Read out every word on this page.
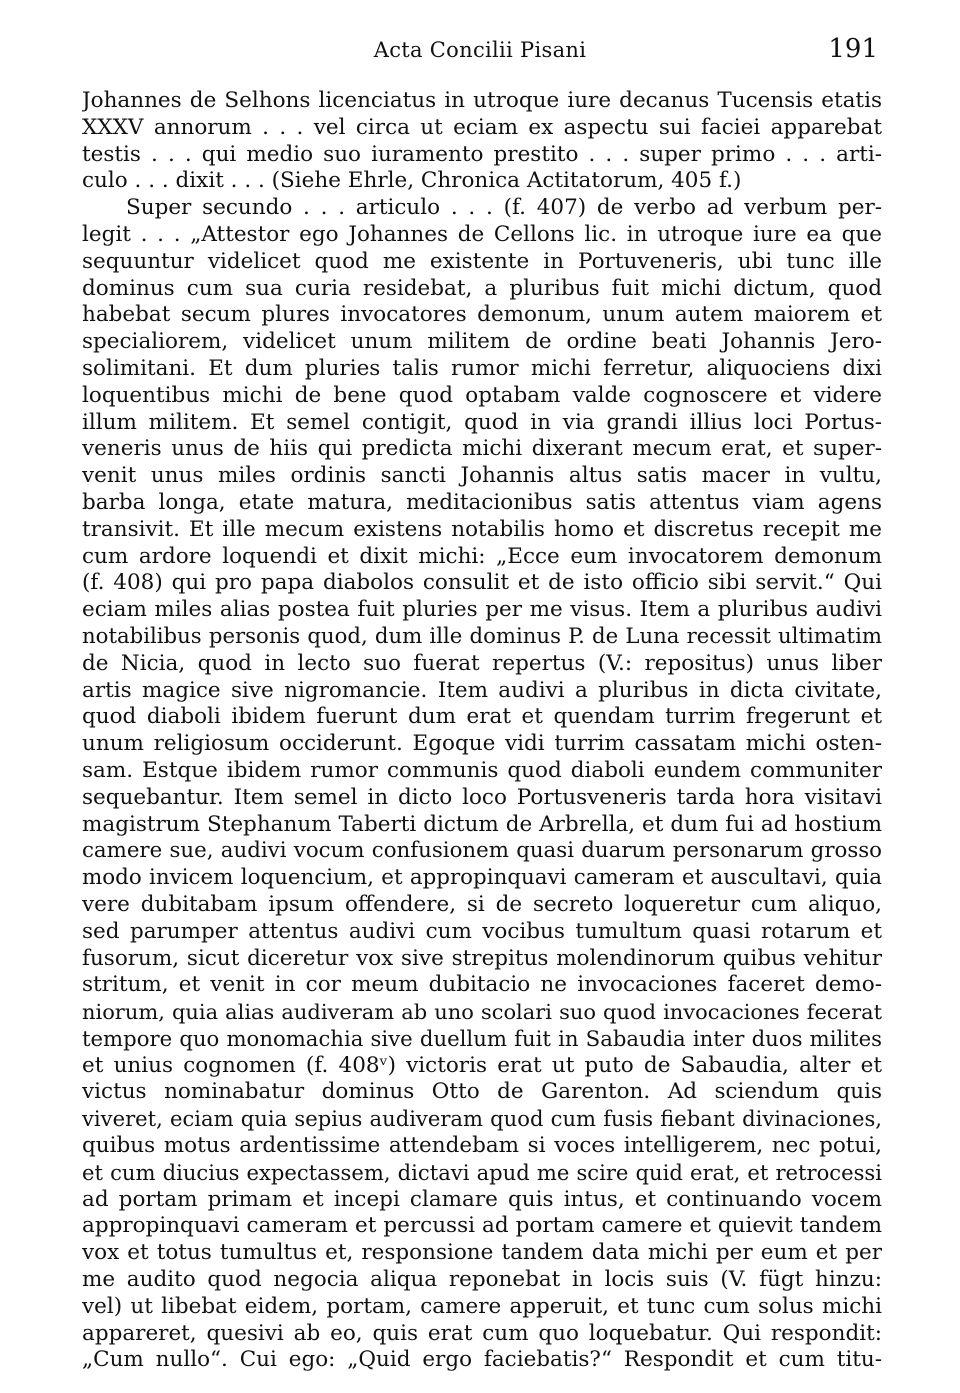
Acta Concilii Pisani	191
Johannes de Selhons licenciatus in utroque iure decanus Tucensis etatis
XXXV annorum . . . vel circa ut eciam ex aspectu sui faciei apparebat
testis . . . qui medio suo iuramento prestito . . . super primo . . . arti-
culo . . . dixit . . . (Siehe Ehrle, Chronica Actitatorum, 405 f.)
Super secundo . . . articulo . . . (f. 407) de verbo ad verbum per-
legit . . . „Attestor ego Johannes de Cellons lic. in utroque iure ea que
sequuntur videlicet quod me existente in Portuveneris, ubi tunc ille
dominus cum sua curia residebat, a pluribus fuit michi dictum, quod
habebat secum plures invocatores demonum, unum autem maiorem et
specialiorem, videlicet unum militem de ordine beati Johannis Jero-
solimitani. Et dum pluries talis rumor michi ferretur, aliquociens dixi
loquentibus michi de bene quod optabam valde cognoscere et videre
illum militem. Et semel contigit, quod in via grandi illius loci Portus-
veneris unus de hiis qui predicta michi dixerant mecum erat, et super-
venit unus miles ordinis sancti Johannis altus satis macer in vultu,
barba longa, etate matura, meditacionibus satis attentus viam agens
transivit. Et ille mecum existens notabilis homo et discretus recepit me
cum ardore loquendi et dixit michi: „Ecce eum invocatorem demonum
(f. 408) qui pro papa diabolos consulit et de isto officio sibi servit.“ Qui
eciam miles alias postea fuit pluries per me visus. Item a pluribus audivi
notabilibus personis quod, dum ille dominus P. de Luna recessit ultimatim
de Nicia, quod in lecto suo fuerat repertus (V.: repositus) unus liber
artis magice sive nigromancie. Item audivi a pluribus in dicta civitate,
quod diaboli ibidem fuerunt dum erat et quendam turrim fregerunt et
unum religiosum occiderunt. Egoque vidi turrim cassatam michi osten-
sam. Estque ibidem rumor communis quod diaboli eundem communiter
sequebantur. Item semel in dicto loco Portusveneris tarda hora visitavi
magistrum Stephanum Taberti dictum de Arbrella, et dum fui ad hostium
camere sue, audivi vocum confusionem quasi duarum personarum grosso
modo invicem loquencium, et appropinquavi cameram et auscultavi, quia
vere dubitabam ipsum offendere, si de secreto loqueretur cum aliquo,
sed parumper attentus audivi cum vocibus tumultum quasi rotarum et
fusorum, sicut diceretur vox sive strepitus molendinorum quibus vehitur
stritum, et venit in cor meum dubitacio ne invocaciones faceret demo-
niorum, quia alias audiveram ab uno scolari suo quod invocaciones fecerat
tempore quo monomachia sive duellum fuit in Sabaudia inter duos milites
et unius cognomen (f. 408ᵛ) victoris erat ut puto de Sabaudia, alter et
victus nominabatur dominus Otto de Garenton. Ad sciendum quis
viveret, eciam quia sepius audiveram quod cum fusis fiebant divinaciones,
quibus motus ardentissime attendebam si voces intelligerem, nec potui,
et cum diucius expectassem, dictavi apud me scire quid erat, et retrocessi
ad portam primam et incepi clamare quis intus, et continuando vocem
appropinquavi cameram et percussi ad portam camere et quievit tandem
vox et totus tumultus et, responsione tandem data michi per eum et per
me audito quod negocia aliqua reponebat in locis suis (V. fügt hinzu:
vel) ut libebat eidem, portam, camere apperuit, et tunc cum solus michi
appareret, quesivi ab eo, quis erat cum quo loquebatur. Qui respondit:
„Cum nullo“. Cui ego: „Quid ergo faciebatis?“ Respondit et cum titu-
